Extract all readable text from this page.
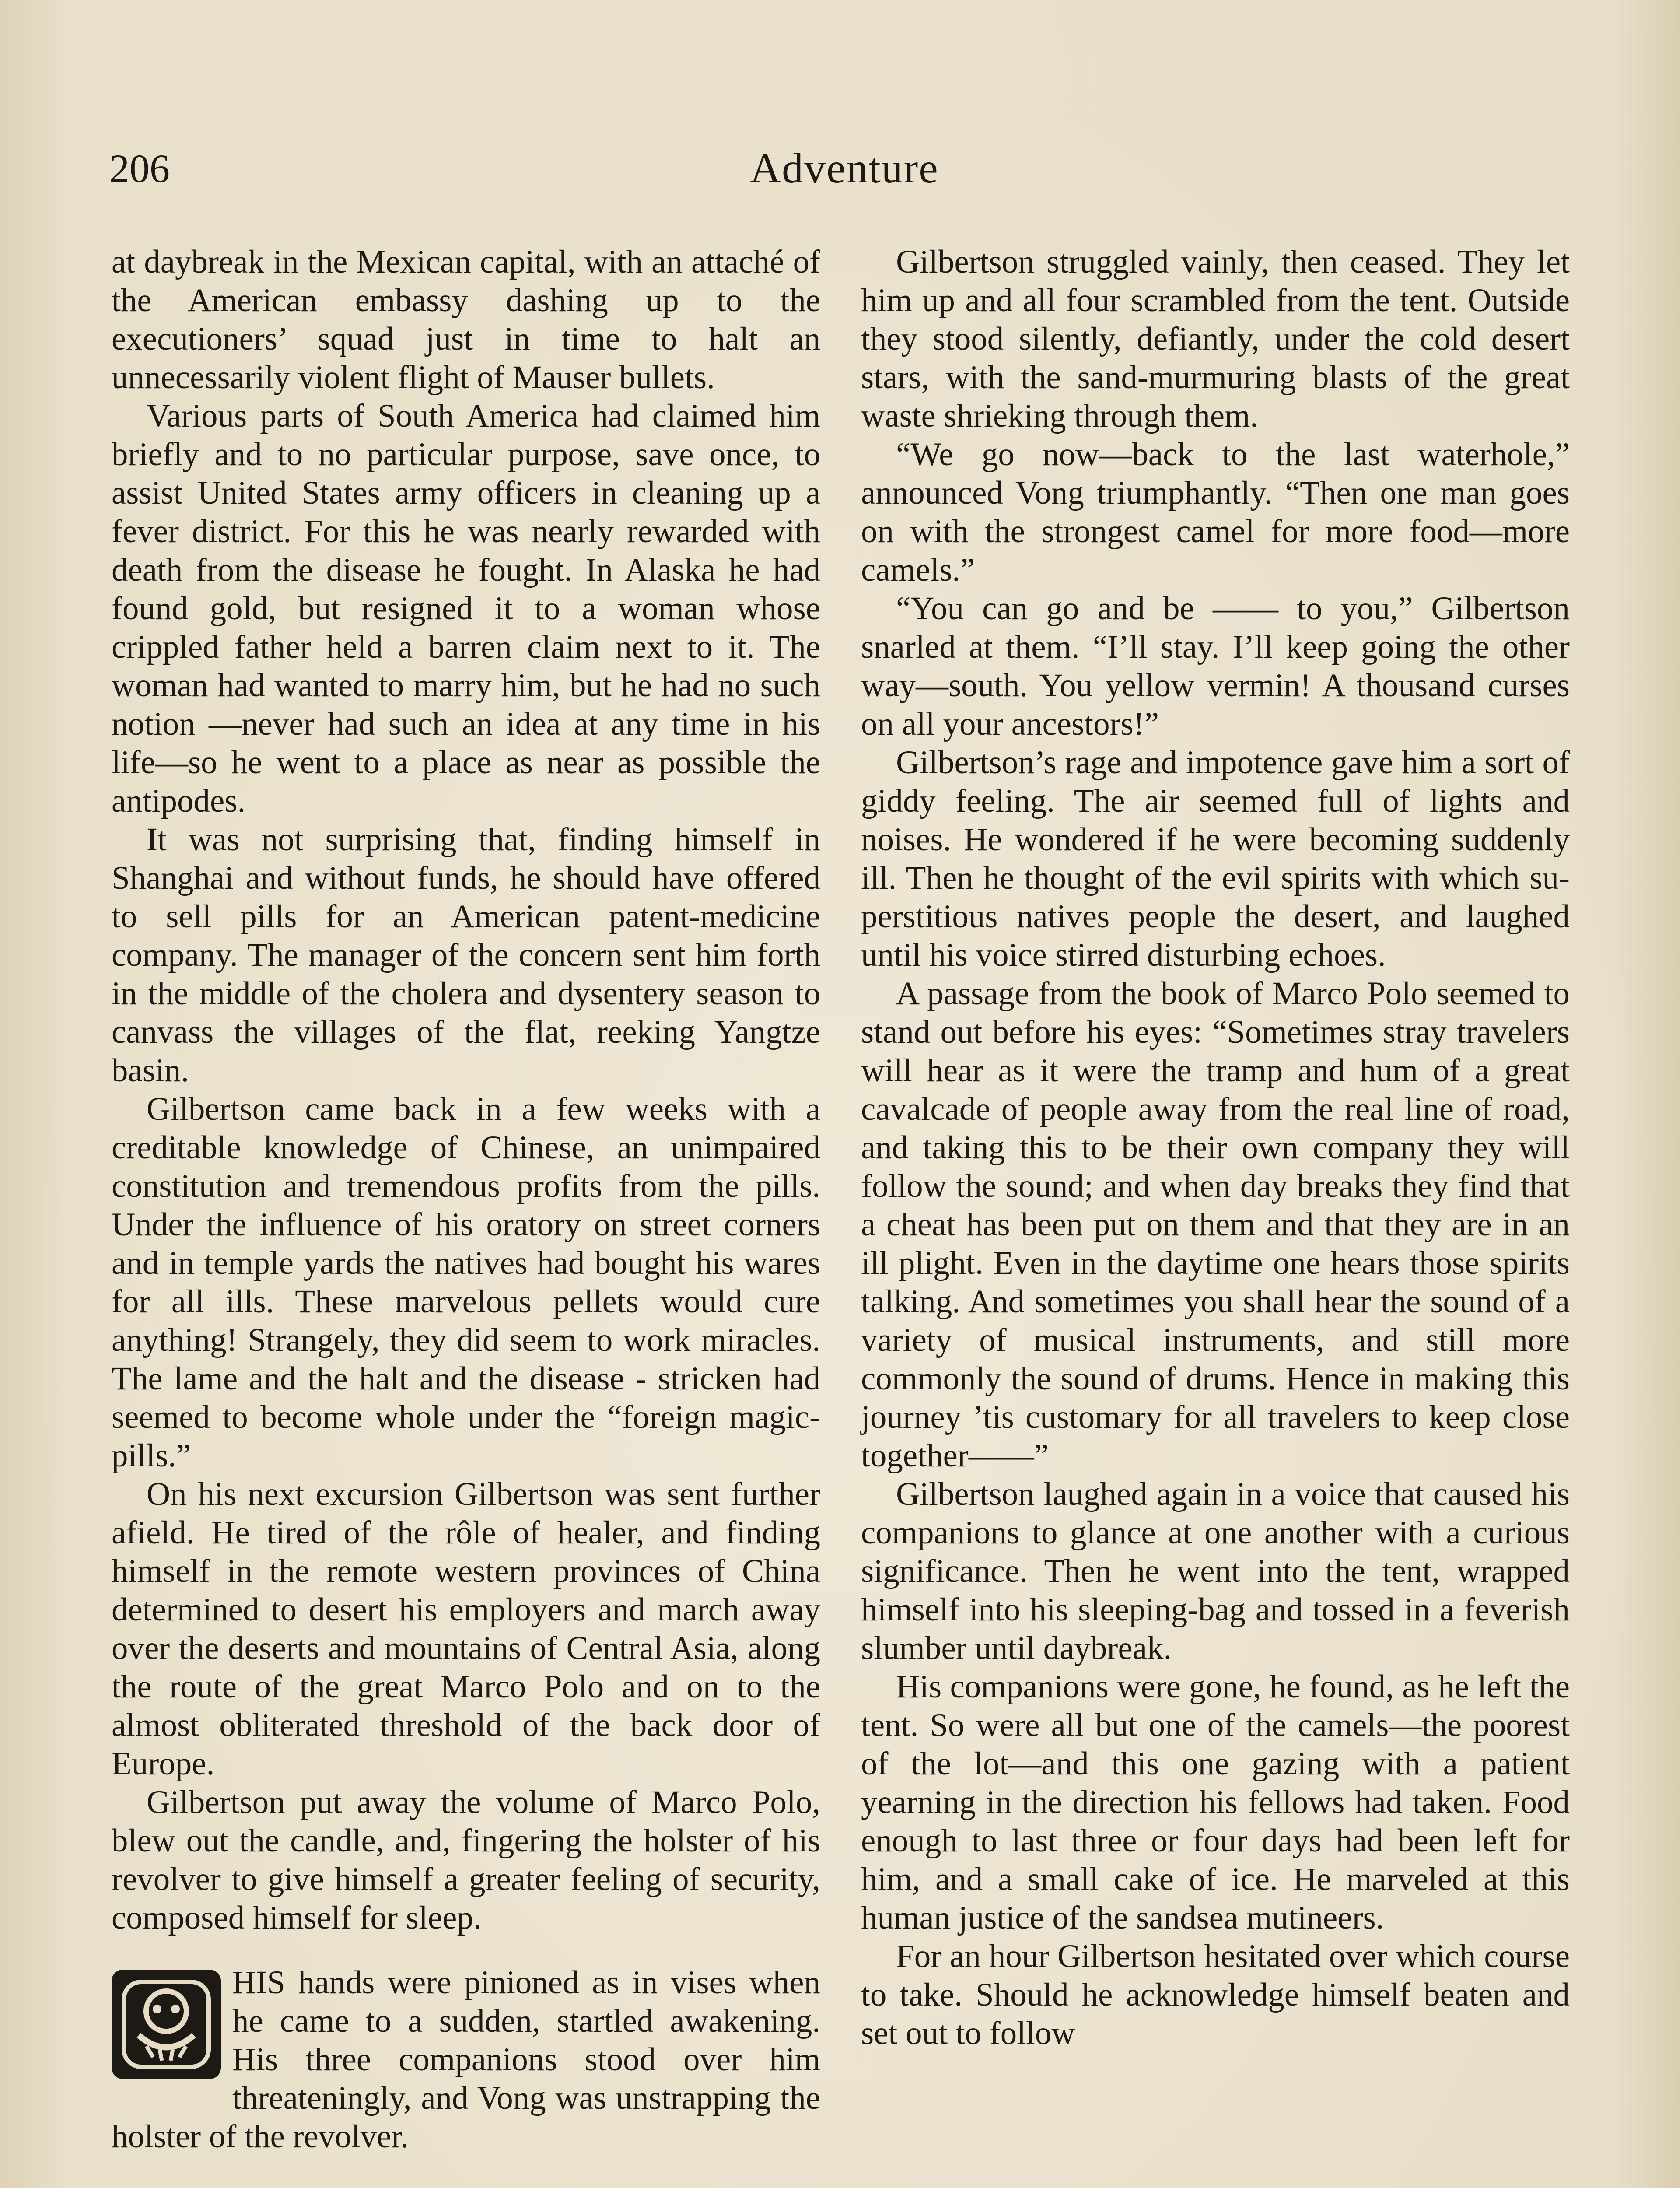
206	Adventure

at daybreak in the Mexican capital, with an attaché of the American embassy dashing up to the executioners’ squad just in time to halt an unnecessarily violent flight of Mauser bullets.

Various parts of South America had claimed him briefly and to no particular purpose, save once, to assist United States army officers in cleaning up a fever district. For this he was nearly rewarded with death from the disease he fought. In Alaska he had found gold, but resigned it to a woman whose crippled father held a barren claim next to it. The woman had wanted to marry him, but he had no such notion —never had such an idea at any time in his life—so he went to a place as near as possible the antipodes.

It was not surprising that, finding himself in Shanghai and without funds, he should have offered to sell pills for an American patent-medicine company. The manager of the concern sent him forth in the middle of the cholera and dysentery season to canvass the villages of the flat, reeking Yangtze basin.

Gilbertson came back in a few weeks with a creditable knowledge of Chinese, an unimpaired constitution and tremendous profits from the pills. Under the influence of his oratory on street corners and in temple yards the natives had bought his wares for all ills. These marvelous pellets would cure anything! Strangely, they did seem to work miracles. The lame and the halt and the disease - stricken had seemed to become whole under the “foreign magic-pills.”

On his next excursion Gilbertson was sent further afield. He tired of the rôle of healer, and finding himself in the remote western provinces of China determined to desert his employers and march away over the deserts and mountains of Central Asia, along the route of the great Marco Polo and on to the almost obliterated threshold of the back door of Europe.

Gilbertson put away the volume of Marco Polo, blew out the candle, and, fingering the holster of his revolver to give himself a greater feeling of security, composed himself for sleep.

HIS hands were pinioned as in vises when he came to a sudden, startled awakening. His three companions stood over him threateningly, and Vong was unstrapping the holster of the revolver.

Gilbertson struggled vainly, then ceased. They let him up and all four scrambled from the tent. Outside they stood silently, defiantly, under the cold desert stars, with the sand-murmuring blasts of the great waste shrieking through them.

“We go now—back to the last waterhole,” announced Vong triumphantly. “Then one man goes on with the strongest camel for more food—more camels.”

“You can go and be —— to you,” Gilbertson snarled at them. “I’ll stay. I’ll keep going the other way—south. You yellow vermin! A thousand curses on all your ancestors!”

Gilbertson’s rage and impotence gave him a sort of giddy feeling. The air seemed full of lights and noises. He wondered if he were becoming suddenly ill. Then he thought of the evil spirits with which superstitious natives people the desert, and laughed until his voice stirred disturbing echoes.

A passage from the book of Marco Polo seemed to stand out before his eyes: “Sometimes stray travelers will hear as it were the tramp and hum of a great cavalcade of people away from the real line of road, and taking this to be their own company they will follow the sound; and when day breaks they find that a cheat has been put on them and that they are in an ill plight. Even in the daytime one hears those spirits talking. And sometimes you shall hear the sound of a variety of musical instruments, and still more commonly the sound of drums. Hence in making this journey ’tis customary for all travelers to keep close together——”

Gilbertson laughed again in a voice that caused his companions to glance at one another with a curious significance. Then he went into the tent, wrapped himself into his sleeping-bag and tossed in a feverish slumber until daybreak.

His companions were gone, he found, as he left the tent. So were all but one of the camels—the poorest of the lot—and this one gazing with a patient yearning in the direction his fellows had taken. Food enough to last three or four days had been left for him, and a small cake of ice. He marveled at this human justice of the sandsea mutineers.

For an hour Gilbertson hesitated over which course to take. Should he acknowledge himself beaten and set out to follow
